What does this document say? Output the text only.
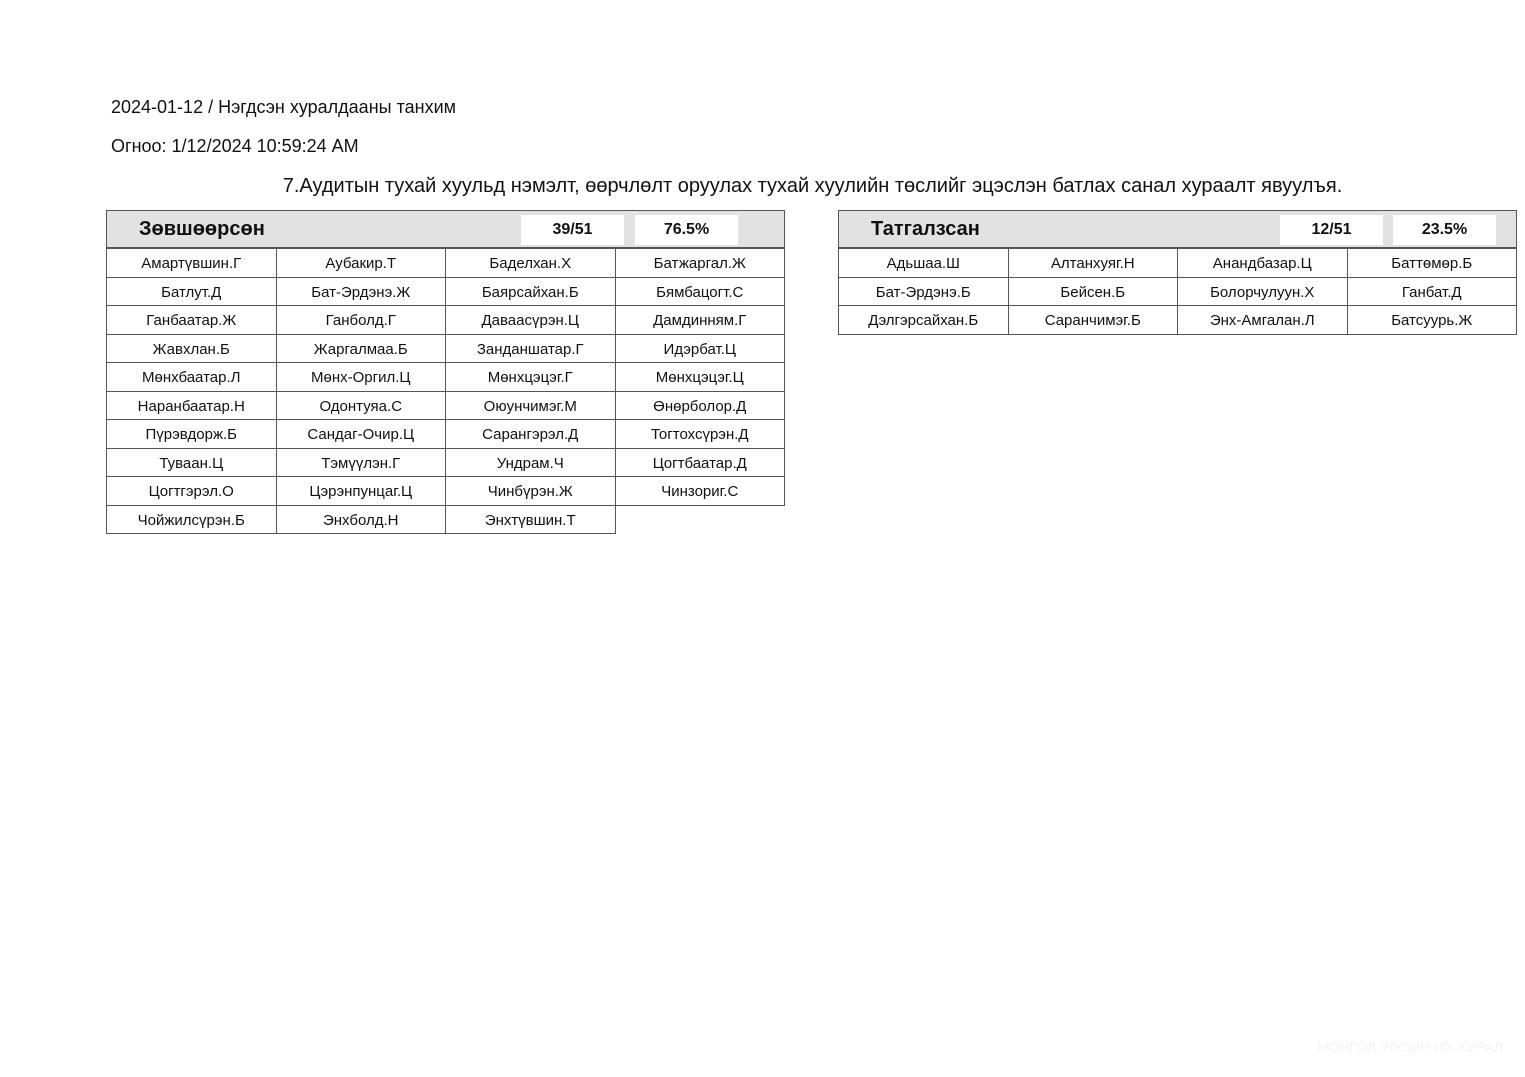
2024-01-12 / Нэгдсэн хуралдааны танхим
Огноо: 1/12/2024 10:59:24 AM
7.Аудитын тухай хуульд нэмэлт, өөрчлөлт оруулах тухай хуулийн төслийг эцэслэн батлах санал хураалт явуулъя.
Зөвшөөрсөн	39/51	76.5%
Амартүвшин.Г	Аубакир.Т	Баделхан.Х	Батжаргал.Ж
Батлут.Д	Бат-Эрдэнэ.Ж	Баярсайхан.Б	Бямбацогт.С
Ганбаатар.Ж	Ганболд.Г	Даваасүрэн.Ц	Дамдинням.Г
Жавхлан.Б	Жаргалмаа.Б	Занданшатар.Г	Идэрбат.Ц
Мөнхбаатар.Л	Мөнх-Оргил.Ц	Мөнхцэцэг.Г	Мөнхцэцэг.Ц
Наранбаатар.Н	Одонтуяа.С	Оюунчимэг.М	Өнөрболор.Д
Пүрэвдорж.Б	Сандаг-Очир.Ц	Сарангэрэл.Д	Тогтохсүрэн.Д
Туваан.Ц	Тэмүүлэн.Г	Ундрам.Ч	Цогтбаатар.Д
Цогтгэрэл.О	Цэрэнпунцаг.Ц	Чинбүрэн.Ж	Чинзориг.С
Чойжилсүрэн.Б	Энхболд.Н	Энхтүвшин.Т
Татгалзсан	12/51	23.5%
Адьшаа.Ш	Алтанхуяг.Н	Анандбазар.Ц	Баттөмөр.Б
Бат-Эрдэнэ.Б	Бейсен.Б	Болорчулуун.Х	Ганбат.Д
Дэлгэрсайхан.Б	Саранчимэг.Б	Энх-Амгалан.Л	Батсуурь.Ж
МОНГОЛ УЛСЫН ИХ ХУРАЛ
